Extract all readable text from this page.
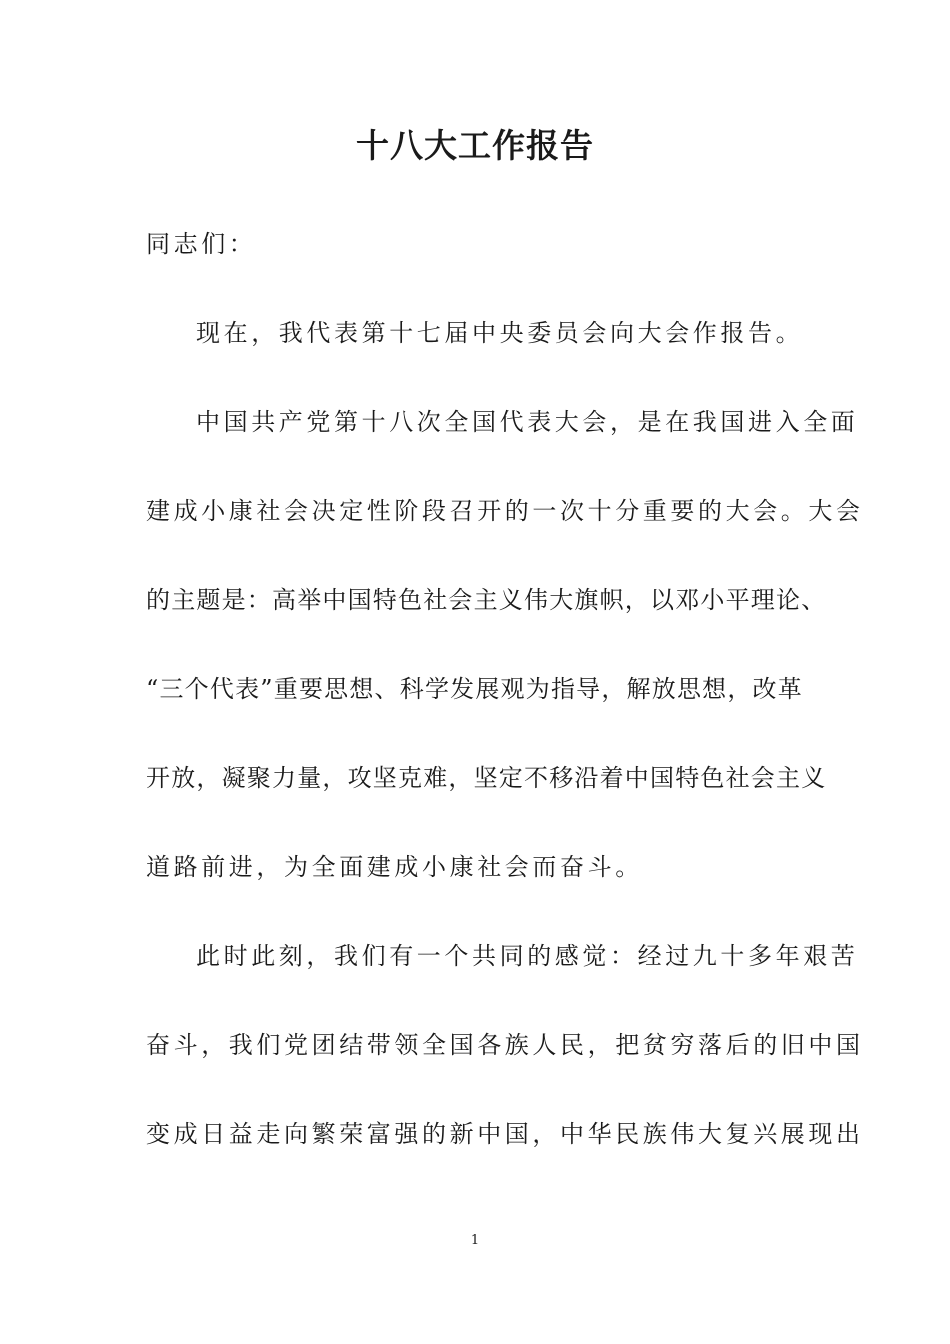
十八大工作报告
同志们：
现在，我代表第十七届中央委员会向大会作报告。
中国共产党第十八次全国代表大会，是在我国进入全面
建成小康社会决定性阶段召开的一次十分重要的大会。大会
的主题是：高举中国特色社会主义伟大旗帜，以邓小平理论、
“三个代表”重要思想、科学发展观为指导，解放思想，改革
开放，凝聚力量，攻坚克难，坚定不移沿着中国特色社会主义
道路前进，为全面建成小康社会而奋斗。
此时此刻，我们有一个共同的感觉：经过九十多年艰苦
奋斗，我们党团结带领全国各族人民，把贫穷落后的旧中国
变成日益走向繁荣富强的新中国，中华民族伟大复兴展现出
1
